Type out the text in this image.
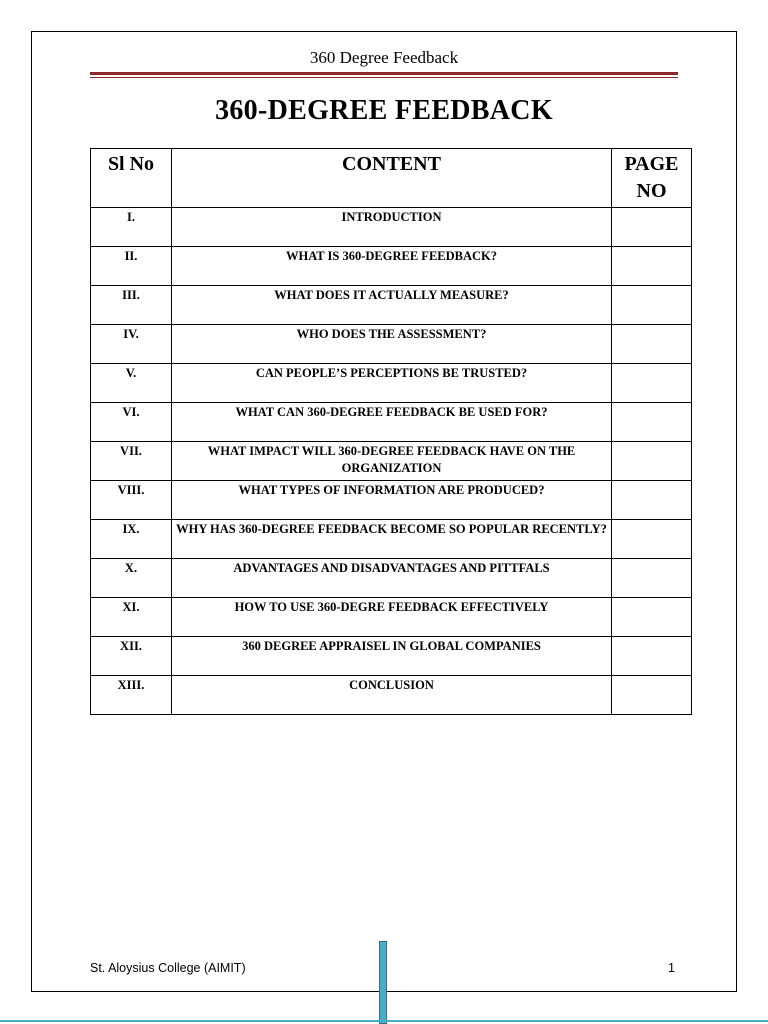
360 Degree Feedback
360-DEGREE FEEDBACK
Sl No	CONTENT	PAGE NO
I.	INTRODUCTION	
II.	WHAT IS 360-DEGREE FEEDBACK?	
III.	WHAT DOES IT ACTUALLY MEASURE?	
IV.	WHO DOES THE ASSESSMENT?	
V.	CAN PEOPLE’S PERCEPTIONS BE TRUSTED?	
VI.	WHAT CAN 360-DEGREE FEEDBACK BE USED FOR?	
VII.	WHAT IMPACT WILL 360-DEGREE FEEDBACK HAVE ON THE ORGANIZATION	
VIII.	WHAT TYPES OF INFORMATION ARE PRODUCED?	
IX.	WHY HAS 360-DEGREE FEEDBACK BECOME SO POPULAR RECENTLY?	
X.	ADVANTAGES AND DISADVANTAGES AND PITTFALS	
XI.	HOW TO USE 360-DEGRE FEEDBACK EFFECTIVELY	
XII.	360 DEGREE APPRAISEL IN GLOBAL COMPANIES	
XIII.	CONCLUSION	
St. Aloysius College (AIMIT)	1
